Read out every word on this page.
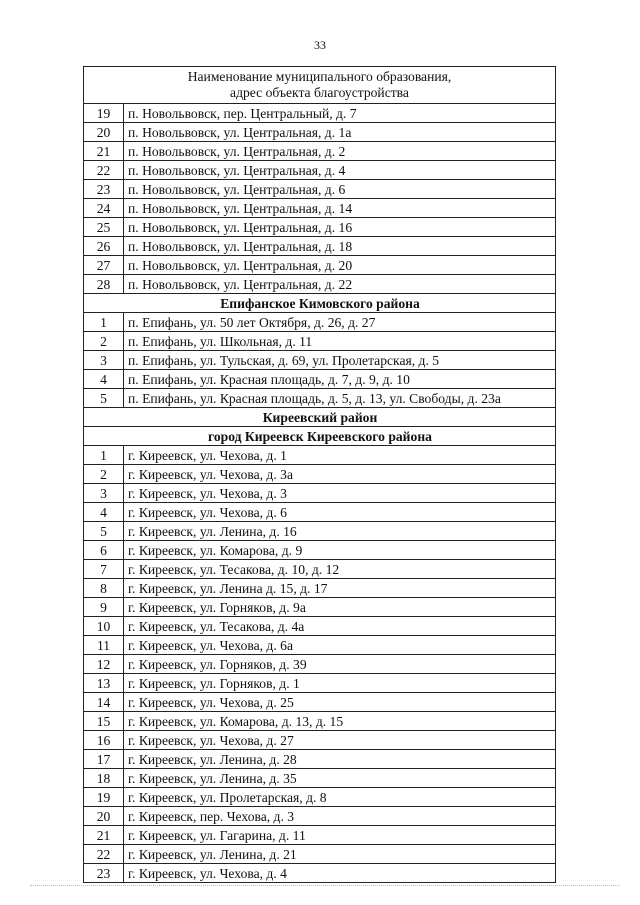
33
Наименование муниципального образования,
адрес объекта благоустройства	
19	п. Новольвовск, пер. Центральный, д. 7
20	п. Новольвовск, ул. Центральная, д. 1а
21	п. Новольвовск, ул. Центральная, д. 2
22	п. Новольвовск, ул. Центральная, д. 4
23	п. Новольвовск, ул. Центральная, д. 6
24	п. Новольвовск, ул. Центральная, д. 14
25	п. Новольвовск, ул. Центральная, д. 16
26	п. Новольвовск, ул. Центральная, д. 18
27	п. Новольвовск, ул. Центральная, д. 20
28	п. Новольвовск, ул. Центральная, д. 22
Епифанское Кимовского района	
1	п. Епифань, ул. 50 лет Октября, д. 26, д. 27
2	п. Епифань, ул. Школьная, д. 11
3	п. Епифань, ул. Тульская, д. 69, ул. Пролетарская, д. 5
4	п. Епифань, ул. Красная площадь, д. 7, д. 9, д. 10
5	п. Епифань, ул. Красная площадь, д. 5, д. 13, ул. Свободы, д. 23а
Киреевский район	
город Киреевск Киреевского района	
1	г. Киреевск, ул. Чехова, д. 1
2	г. Киреевск, ул. Чехова, д. 3а
3	г. Киреевск, ул. Чехова, д. 3
4	г. Киреевск, ул. Чехова, д. 6
5	г. Киреевск, ул. Ленина, д. 16
6	г. Киреевск, ул. Комарова, д. 9
7	г. Киреевск, ул. Тесакова, д. 10, д. 12
8	г. Киреевск, ул. Ленина д. 15, д. 17
9	г. Киреевск, ул. Горняков, д. 9а
10	г. Киреевск, ул. Тесакова, д. 4а
11	г. Киреевск, ул. Чехова, д. 6а
12	г. Киреевск, ул. Горняков, д. 39
13	г. Киреевск, ул. Горняков, д. 1
14	г. Киреевск, ул. Чехова, д. 25
15	г. Киреевск, ул. Комарова, д. 13, д. 15
16	г. Киреевск, ул. Чехова, д. 27
17	г. Киреевск, ул. Ленина, д. 28
18	г. Киреевск, ул. Ленина, д. 35
19	г. Киреевск, ул. Пролетарская, д. 8
20	г. Киреевск, пер. Чехова, д. 3
21	г. Киреевск, ул. Гагарина, д. 11
22	г. Киреевск, ул. Ленина, д. 21
23	г. Киреевск, ул. Чехова, д. 4
